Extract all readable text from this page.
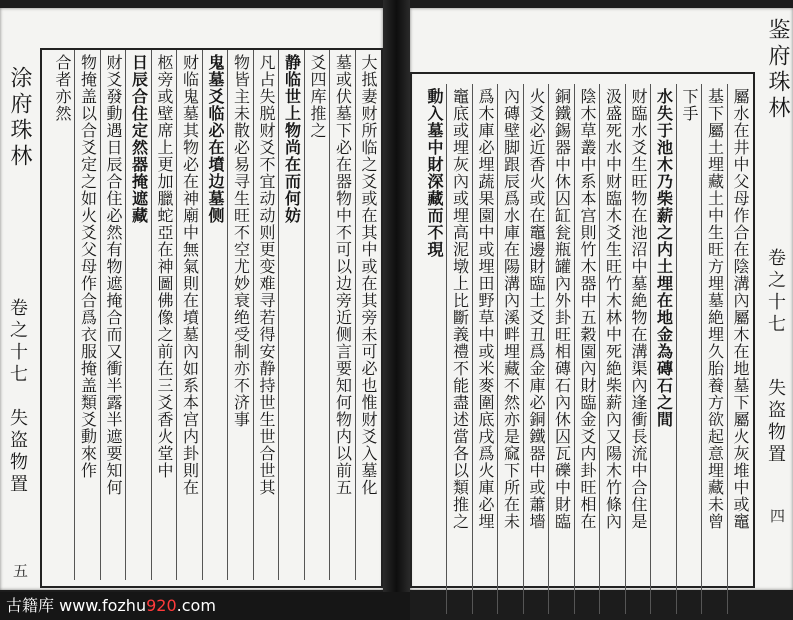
涂府珠林
卷之十七
失盗物置
五
大抵妻财所临之爻或在其中或在其旁未可必也惟财爻入墓化
墓或伏墓下必在器物中不可以边旁近侧言要知何物内以前五
爻四库推之
静临世上物尚在而何妨
凡占失脱财爻不宜动动则更变难寻若得安静持世生世合世其
物皆主未散必易寻生旺不空尤妙衰绝受制亦不济事
鬼墓爻临必在墳边墓侧
财临鬼墓其物必在神廟中無氣則在墳墓內如系本宫内卦則在
柩旁或壁席上更加臘蛇亞在神圖佛像之前在三爻香火堂中
日辰合住定然器掩遮藏
财爻發動遇日辰合住必然有物遮掩合而又衝半露半遮要知何
物掩盖以合爻定之如火爻父母作合爲衣服掩盖類爻動來作
合者亦然	鉴府珠林
卷之十七
失盗物置
四
屬水在井中父母作合在陰溝內屬木在地墓下屬火灰堆中或竈
基下屬土埋藏土中生旺方埋墓絶埋久胎養方欲起意埋藏未曾
下手
水失于池木乃柴薪之内土埋在地金為磚石之間
财臨水爻生旺物在池沼中墓絶物在溝渠內逢衝長流中合住是
汲盛死水中财臨木爻生旺竹木林中死絶柴薪內又陽木竹條內
陰木草叢中系本宫則竹木器中五穀園內財臨金爻内卦旺相在
銅鐵錫器中休囚缸瓮瓶罐內外卦旺相磚石內休囚瓦礫中財臨
火爻必近香火或在竈邊財臨土爻丑爲金庫必銅鐵器中或蕭墻
內磚壁脚跟辰爲水庫在陽溝內溪畔埋藏不然亦是窳下所在未
爲木庫必埋蔬果園中或埋田野草中或米麥圍底戌爲火庫必埋
竈底或埋灰內或埋高泥墩上比斷義禮不能盡述當各以類推之
動入墓中財深藏而不現
古籍库 www.fozhu920.com
